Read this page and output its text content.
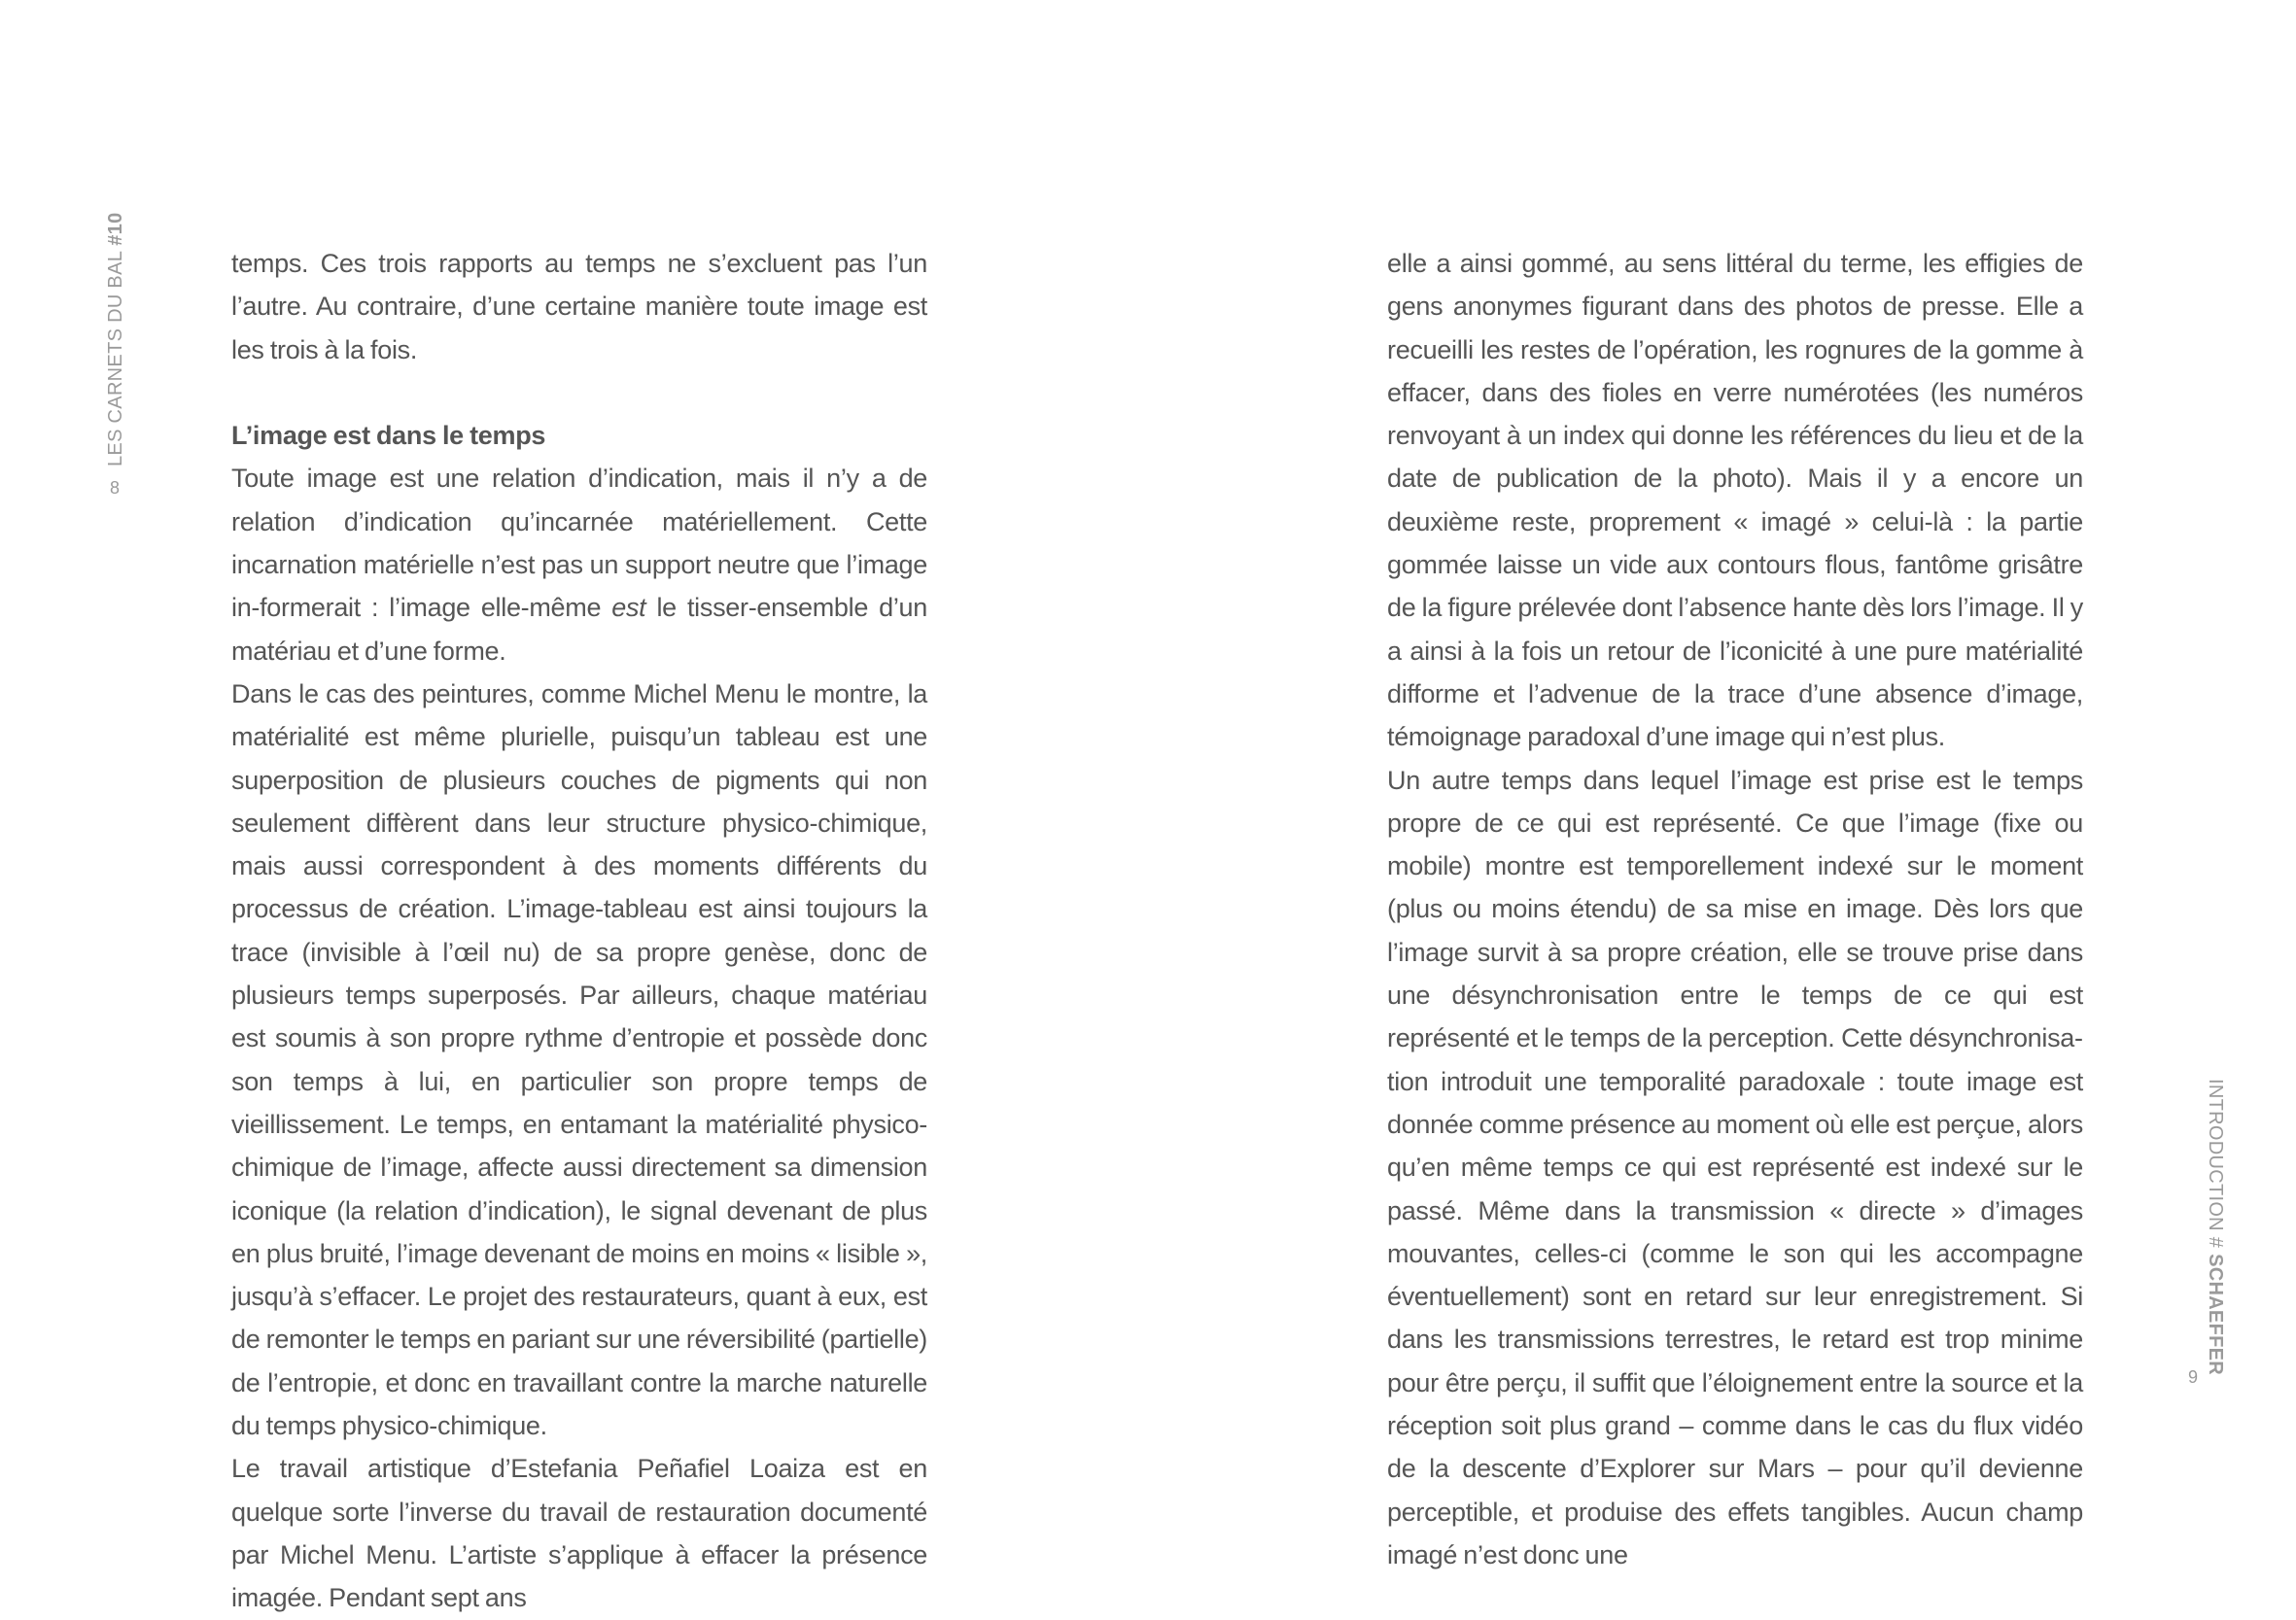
LES CARNETS DU BAL #10
8

temps. Ces trois rapports au temps ne s’excluent pas l’un l’autre. Au contraire, d’une certaine manière toute image est les trois à la fois.

L’image est dans le temps

Toute image est une relation d’indication, mais il n’y a de relation d’indication qu’incarnée matériellement. Cette incarnation matérielle n’est pas un support neutre que l’image in-formerait : l’image elle-même est le tisser-ensemble d’un matériau et d’une forme.

Dans le cas des peintures, comme Michel Menu le montre, la matérialité est même plurielle, puisqu’un tableau est une superposition de plusieurs couches de pigments qui non seulement diffèrent dans leur structure physico-chimique, mais aussi correspondent à des moments différents du processus de création. L’image-tableau est ainsi toujours la trace (invisible à l’œil nu) de sa propre genèse, donc de plusieurs temps superposés. Par ailleurs, chaque matériau est soumis à son propre rythme d’entropie et possède donc son temps à lui, en particulier son propre temps de vieillissement. Le temps, en entamant la matérialité physico-chimique de l’image, affecte aussi directement sa dimension iconique (la relation d’indication), le signal devenant de plus en plus bruité, l’image devenant de moins en moins « lisible », jusqu’à s’effacer. Le projet des restaurateurs, quant à eux, est de remonter le temps en pariant sur une réversibilité (partielle) de l’entropie, et donc en travaillant contre la marche naturelle du temps physico-chimique.

Le travail artistique d’Estefania Peñafiel Loaiza est en quelque sorte l’inverse du travail de restauration documenté par Michel Menu. L’artiste s’applique à effacer la présence imagée. Pendant sept ans

elle a ainsi gommé, au sens littéral du terme, les effigies de gens anonymes figurant dans des photos de presse. Elle a recueilli les restes de l’opération, les rognures de la gomme à effacer, dans des fioles en verre numérotées (les numéros renvoyant à un index qui donne les références du lieu et de la date de publication de la photo). Mais il y a encore un deuxième reste, proprement « imagé » celui-là : la partie gommée laisse un vide aux contours flous, fantôme grisâtre de la figure prélevée dont l’absence hante dès lors l’image. Il y a ainsi à la fois un retour de l’iconicité à une pure matérialité difforme et l’advenue de la trace d’une absence d’image, témoignage paradoxal d’une image qui n’est plus.

Un autre temps dans lequel l’image est prise est le temps propre de ce qui est représenté. Ce que l’image (fixe ou mobile) montre est temporellement indexé sur le moment (plus ou moins étendu) de sa mise en image. Dès lors que l’image survit à sa propre création, elle se trouve prise dans une désynchronisation entre le temps de ce qui est représenté et le temps de la perception. Cette désynchronisation introduit une temporalité paradoxale : toute image est donnée comme présence au moment où elle est perçue, alors qu’en même temps ce qui est représenté est indexé sur le passé. Même dans la transmission « directe » d’images mouvantes, celles-ci (comme le son qui les accompagne éventuellement) sont en retard sur leur enregistrement. Si dans les transmissions terrestres, le retard est trop minime pour être perçu, il suffit que l’éloignement entre la source et la réception soit plus grand – comme dans le cas du flux vidéo de la descente d’Explorer sur Mars – pour qu’il devienne perceptible, et produise des effets tangibles. Aucun champ imagé n’est donc une

INTRODUCTION # SCHAEFFER
9
